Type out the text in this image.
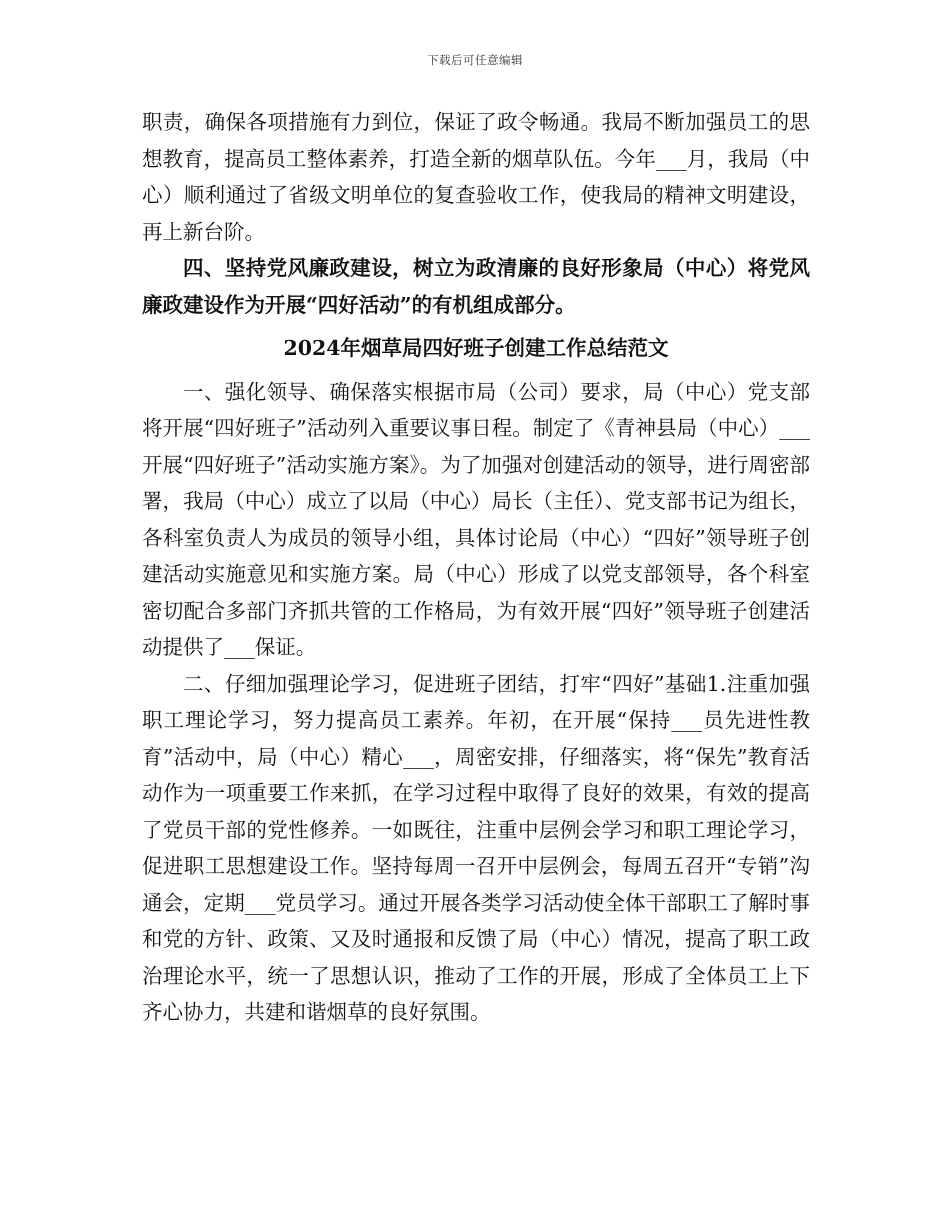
下载后可任意编辑

职责，确保各项措施有力到位，保证了政令畅通。我局不断加强员工的思想教育，提高员工整体素养，打造全新的烟草队伍。今年___月，我局（中心）顺利通过了省级文明单位的复查验收工作，使我局的精神文明建设，再上新台阶。

四、坚持党风廉政建设，树立为政清廉的良好形象局（中心）将党风廉政建设作为开展“四好活动”的有机组成部分。

2024年烟草局四好班子创建工作总结范文

一、强化领导、确保落实根据市局（公司）要求，局（中心）党支部将开展“四好班子”活动列入重要议事日程。制定了《青神县局（中心）___开展“四好班子”活动实施方案》。为了加强对创建活动的领导，进行周密部署，我局（中心）成立了以局（中心）局长（主任）、党支部书记为组长，各科室负责人为成员的领导小组，具体讨论局（中心）“四好”领导班子创建活动实施意见和实施方案。局（中心）形成了以党支部领导，各个科室密切配合多部门齐抓共管的工作格局，为有效开展“四好”领导班子创建活动提供了___保证。

二、仔细加强理论学习，促进班子团结，打牢“四好”基础1.注重加强职工理论学习，努力提高员工素养。年初，在开展“保持___员先进性教育”活动中，局（中心）精心___，周密安排，仔细落实，将“保先”教育活动作为一项重要工作来抓，在学习过程中取得了良好的效果，有效的提高了党员干部的党性修养。一如既往，注重中层例会学习和职工理论学习，促进职工思想建设工作。坚持每周一召开中层例会，每周五召开“专销”沟通会，定期___党员学习。通过开展各类学习活动使全体干部职工了解时事和党的方针、政策、又及时通报和反馈了局（中心）情况，提高了职工政治理论水平，统一了思想认识，推动了工作的开展，形成了全体员工上下齐心协力，共建和谐烟草的良好氛围。
